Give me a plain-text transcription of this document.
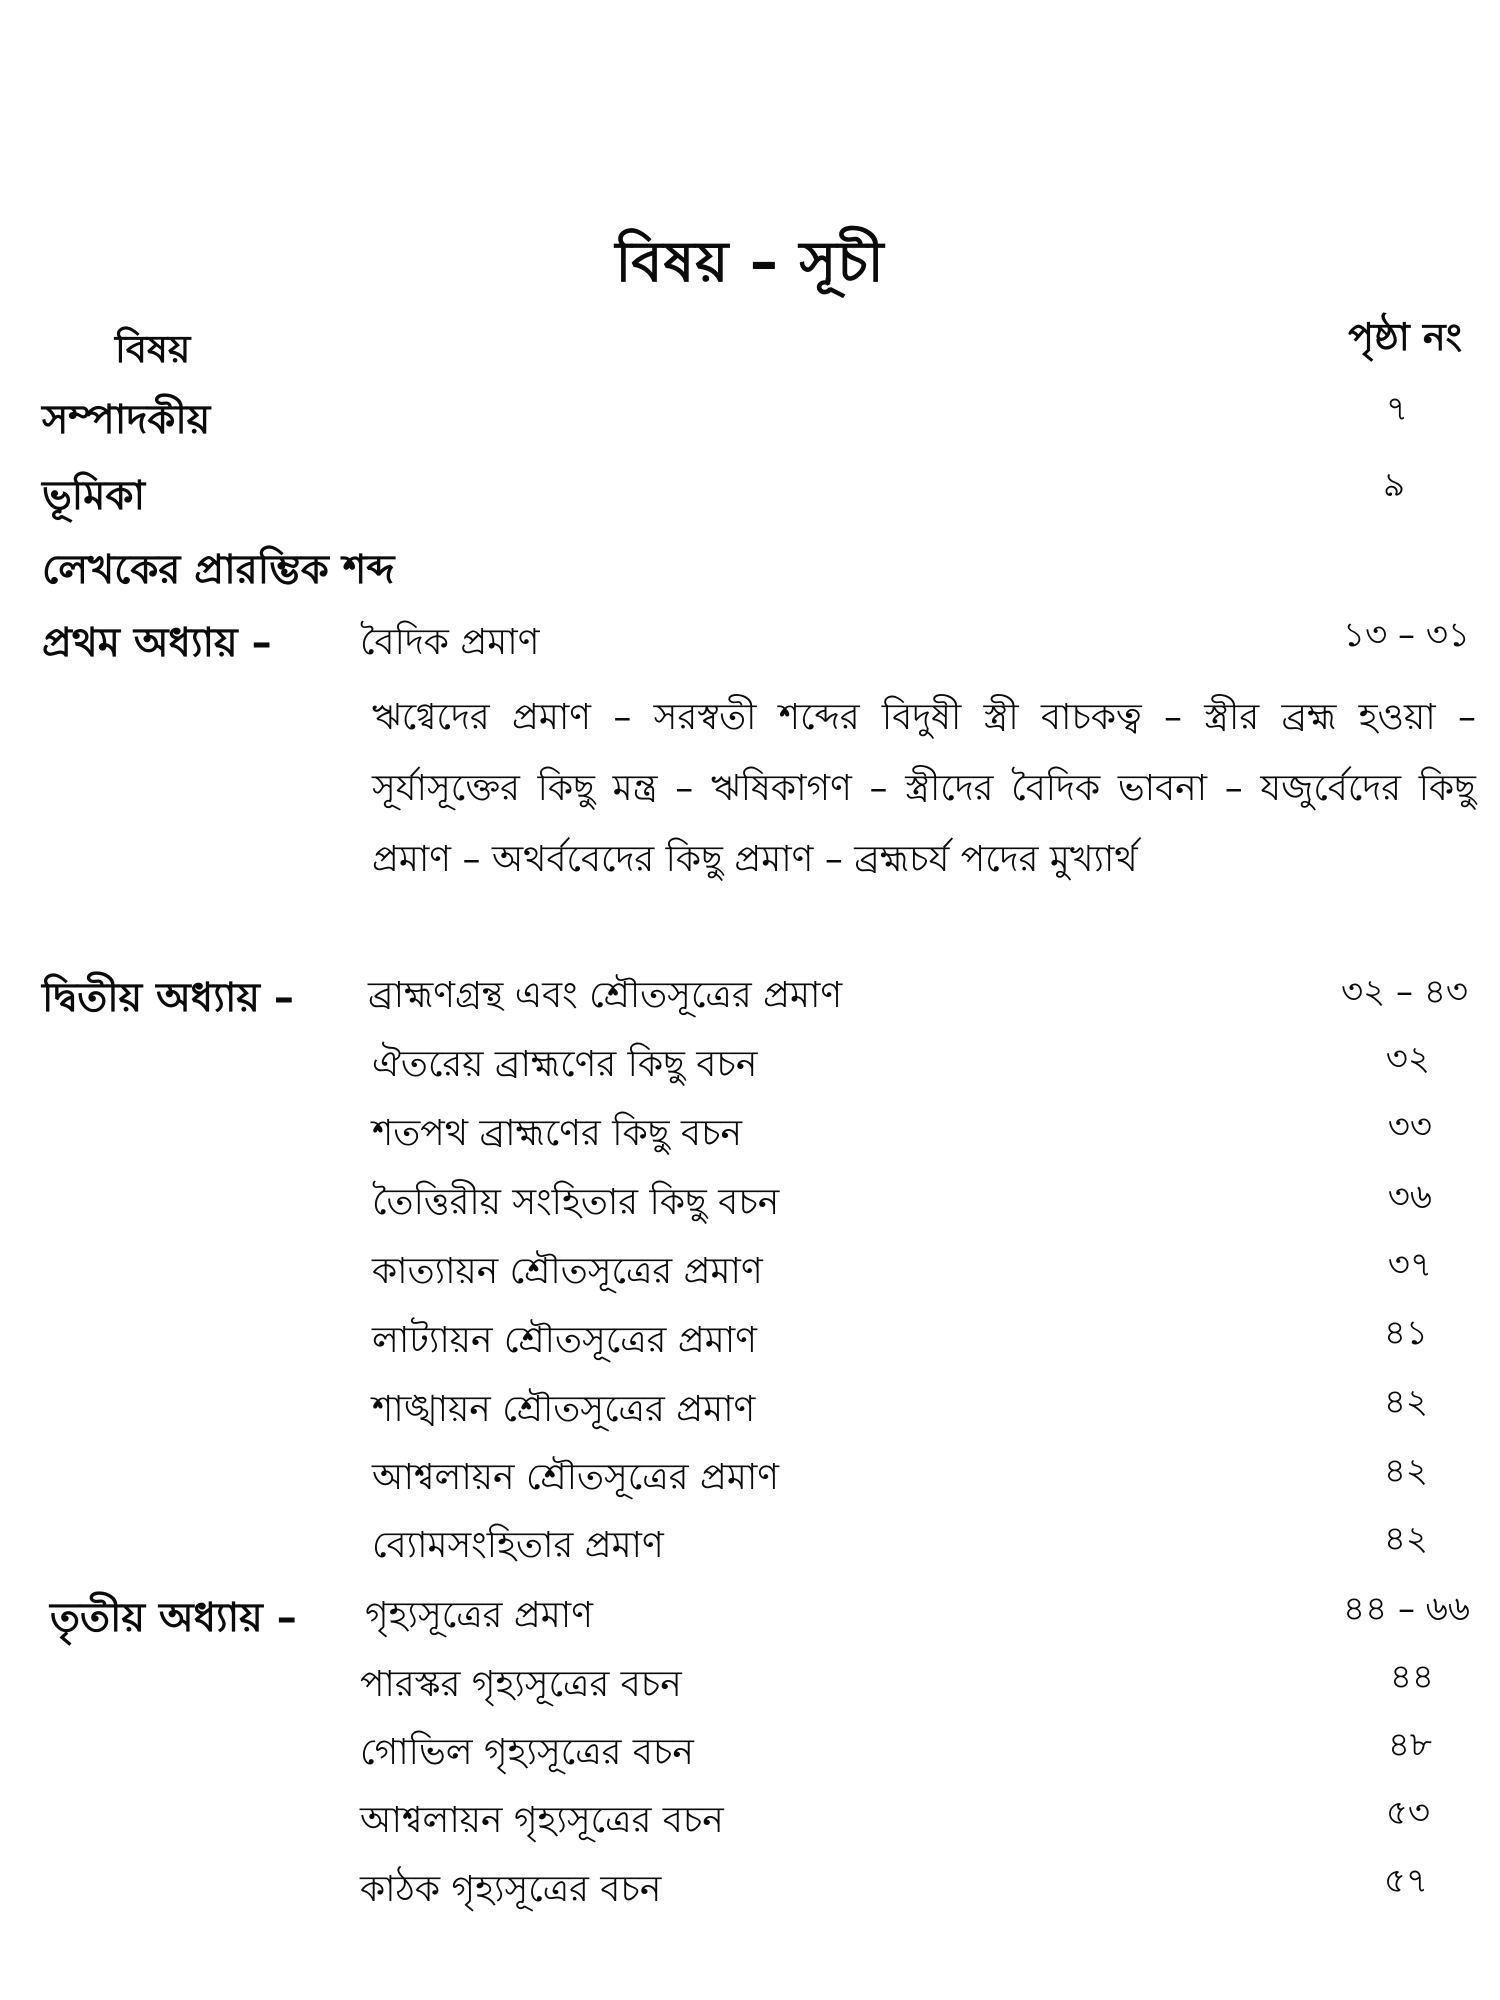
বিষয় – সূচী
বিষয়	পৃষ্ঠা নং
সম্পাদকীয়	৭
ভূমিকা	৯
লেখকের প্রারম্ভিক শব্দ
প্রথম অধ্যায় – বৈদিক প্রমাণ	১৩ – ৩১
ঋগ্বেদের প্রমাণ – সরস্বতী শব্দের বিদুষী স্ত্রী বাচকত্ব – স্ত্রীর ব্রহ্ম হওয়া – সূর্যাসূক্তের কিছু মন্ত্র – ঋষিকাগণ – স্ত্রীদের বৈদিক ভাবনা – যজুর্বেদের কিছু প্রমাণ – অথর্ববেদের কিছু প্রমাণ – ব্রহ্মচর্য পদের মুখ্যার্থ
দ্বিতীয় অধ্যায় – ব্রাহ্মণগ্রন্থ এবং শ্রৌতসূত্রের প্রমাণ	৩২ – ৪৩
ঐতরেয় ব্রাহ্মণের কিছু বচন	৩২
শতপথ ব্রাহ্মণের কিছু বচন	৩৩
তৈত্তিরীয় সংহিতার কিছু বচন	৩৬
কাত্যায়ন শ্রৌতসূত্রের প্রমাণ	৩৭
লাট্যায়ন শ্রৌতসূত্রের প্রমাণ	৪১
শাঙ্খায়ন শ্রৌতসূত্রের প্রমাণ	৪২
আশ্বলায়ন শ্রৌতসূত্রের প্রমাণ	৪২
ব্যোমসংহিতার প্রমাণ	৪২
তৃতীয় অধ্যায় – গৃহ্যসূত্রের প্রমাণ	৪৪ – ৬৬
পারস্কর গৃহ্যসূত্রের বচন	৪৪
গোভিল গৃহ্যসূত্রের বচন	৪৮
আশ্বলায়ন গৃহ্যসূত্রের বচন	৫৩
কাঠক গৃহ্যসূত্রের বচন	৫৭
